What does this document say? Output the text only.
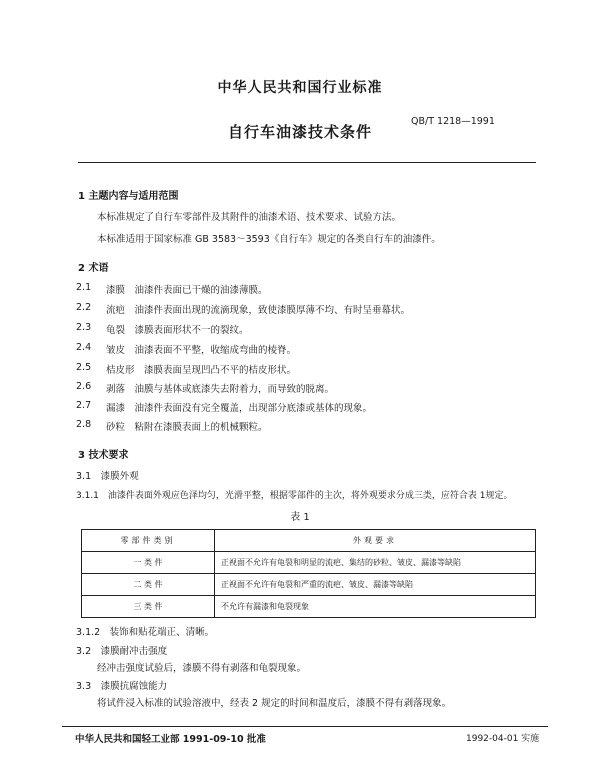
中华人民共和国行业标准
自行车油漆技术条件
QB/T 1218—1991
1 主题内容与适用范围
本标准规定了自行车零部件及其附件的油漆术语、技术要求、试验方法。
本标准适用于国家标准 GB 3583～3593《自行车》规定的各类自行车的油漆件。
2 术语
2.1 漆膜　油漆件表面已干燥的油漆薄膜。
2.2 流疤　油漆件表面出现的流滴现象，致使漆膜厚薄不均、有时呈垂幕状。
2.3 龟裂　漆膜表面形状不一的裂纹。
2.4 皱皮　油漆表面不平整，收缩成弯曲的棱脊。
2.5 桔皮形　漆膜表面呈现凹凸不平的桔皮形状。
2.6 剥落　油膜与基体或底漆失去附着力，而导致的脱离。
2.7 漏漆　油漆件表面没有完全覆盖，出现部分底漆或基体的现象。
2.8 砂粒　粘附在漆膜表面上的机械颗粒。
3 技术要求
3.1　漆膜外观
3.1.1　油漆件表面外观应色泽均匀，光滑平整，根据零部件的主次，将外观要求分成三类，应符合表 1规定。
表 1
零部件类别	外观要求
一 类 件	正视面不允许有龟裂和明显的流疤、集结的砂粒、皱皮、漏漆等缺陷
二 类 件	正视面不允许有龟裂和严重的流疤、皱皮、漏漆等缺陷
三 类 件	不允许有漏漆和龟裂现象
3.1.2　装饰和贴花端正、清晰。
3.2　漆膜耐冲击强度
经冲击强度试验后，漆膜不得有剥落和龟裂现象。
3.3　漆膜抗腐蚀能力
将试件浸入标准的试验溶液中，经表 2 规定的时间和温度后，漆膜不得有剥落现象。
中华人民共和国轻工业部 1991-09-10 批准	1992-04-01 实施
